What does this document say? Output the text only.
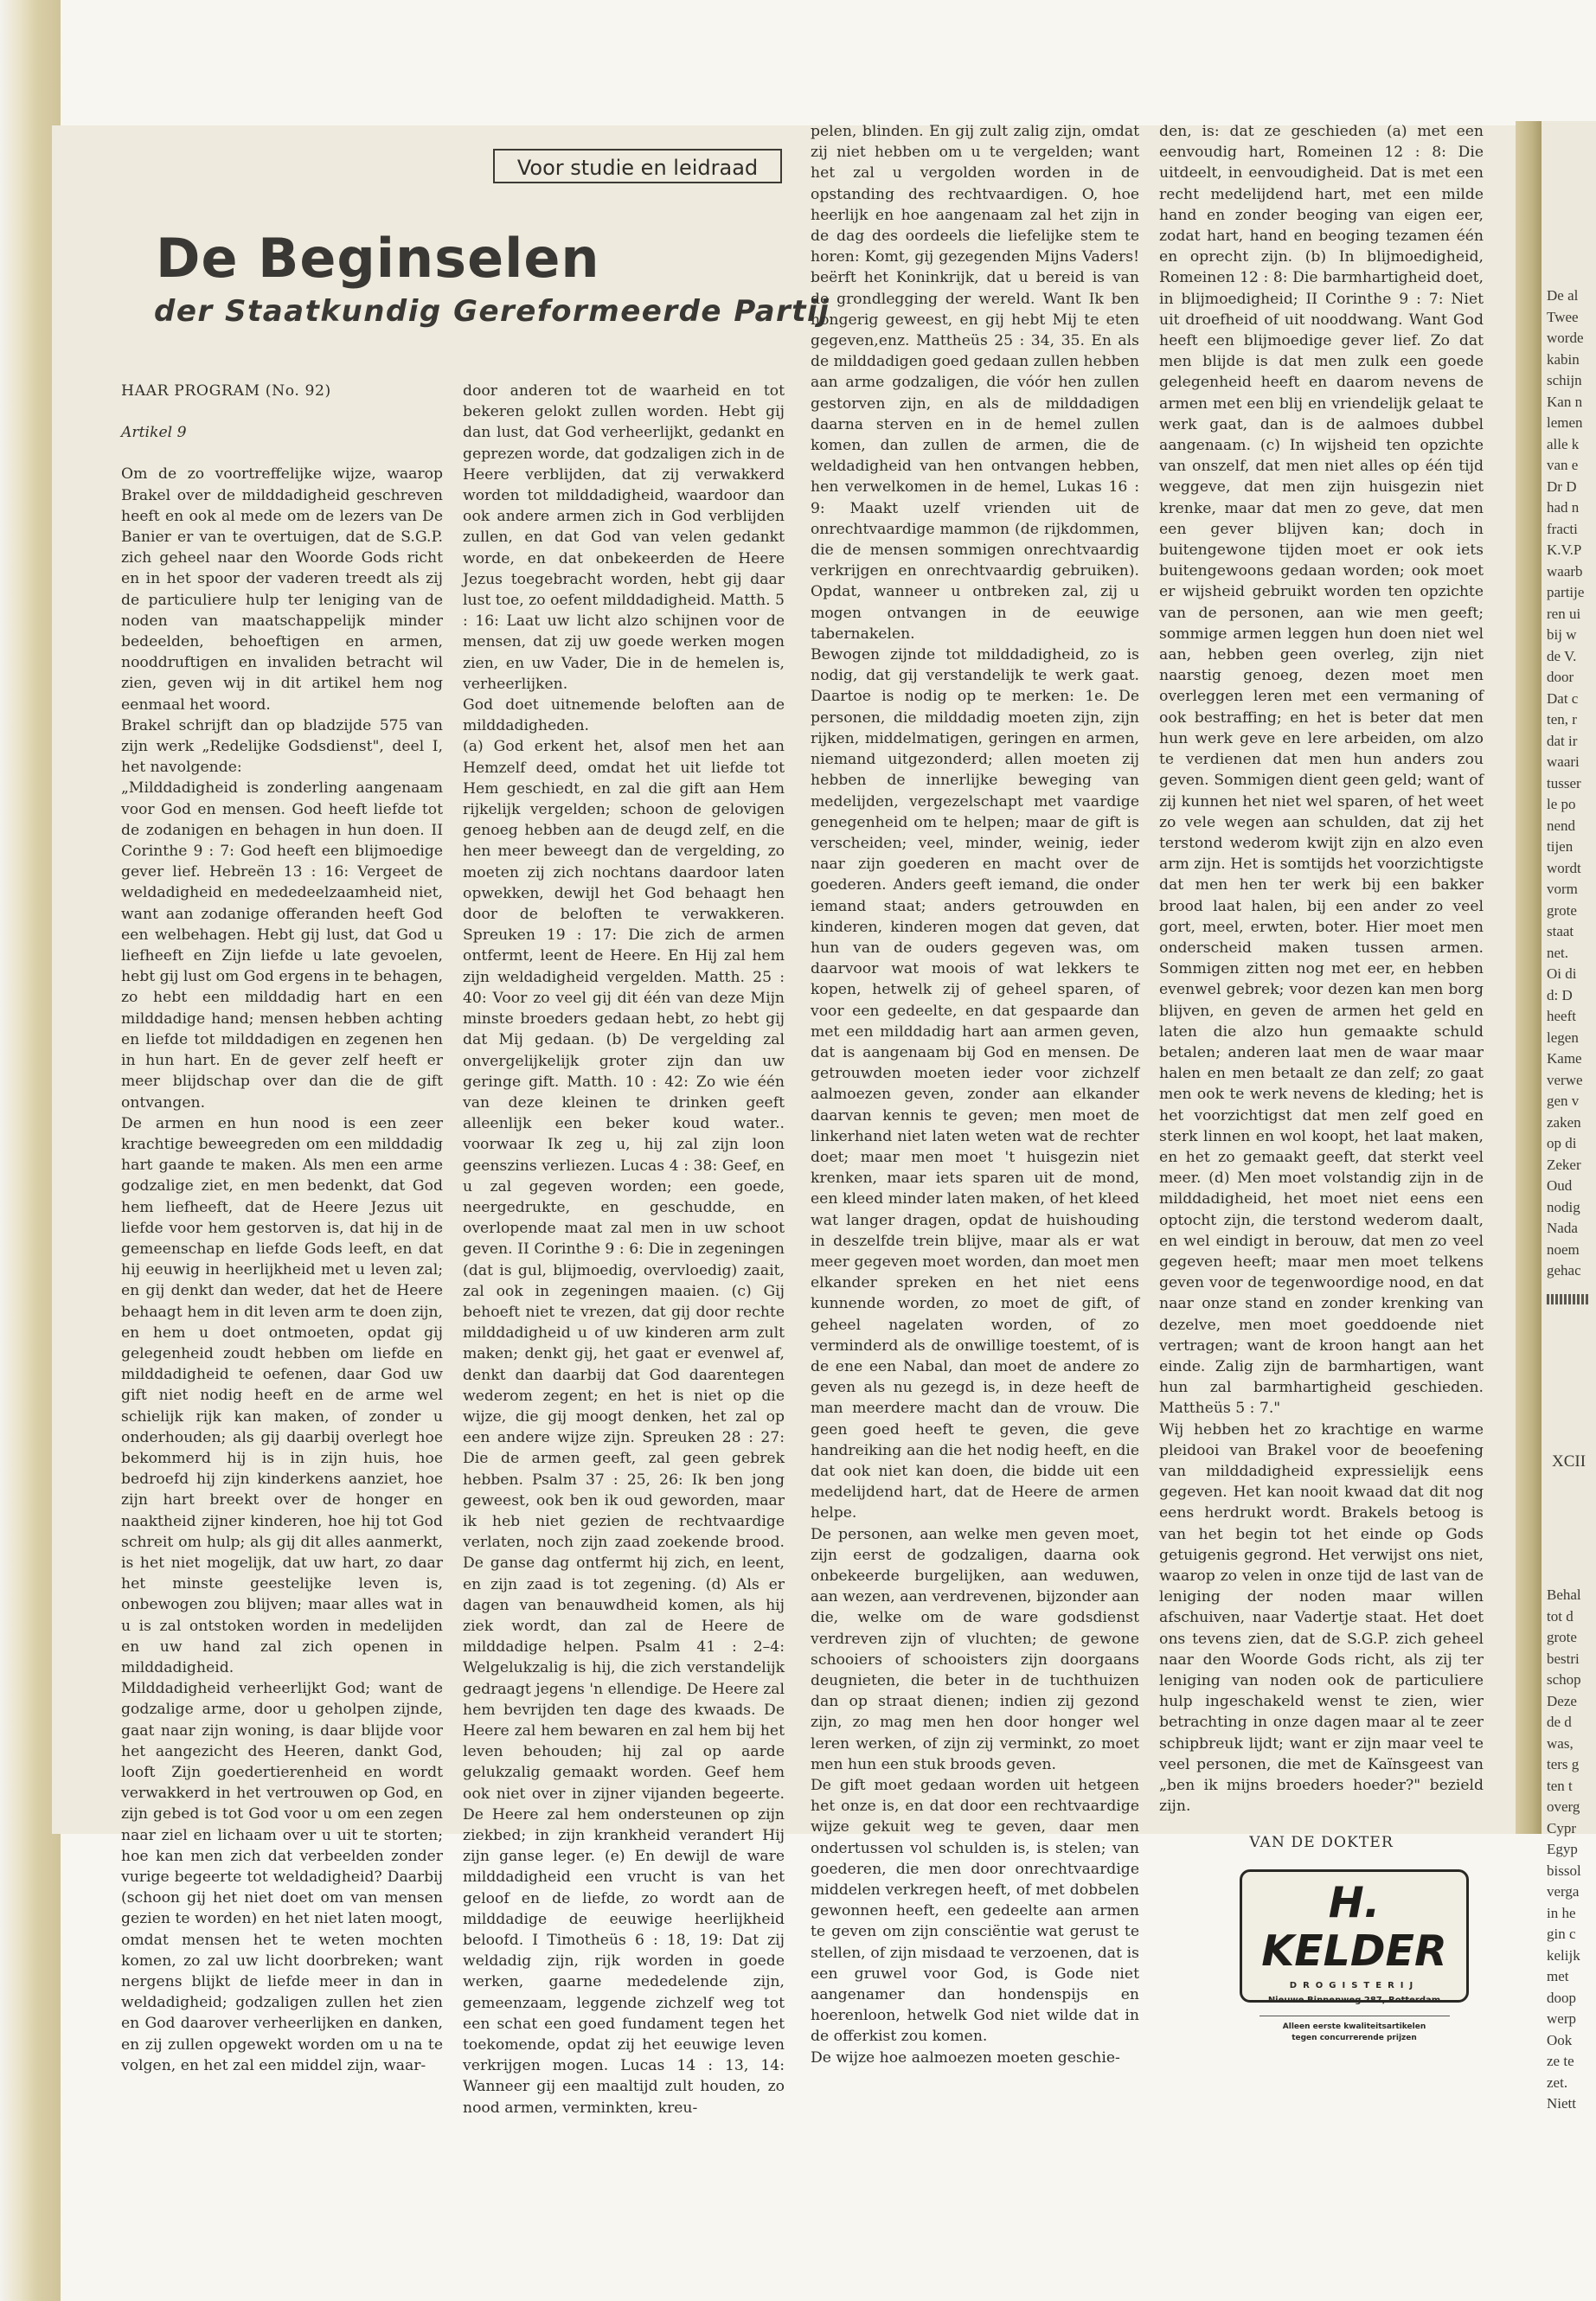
De al
Twee
worde
kabin
schijn
Kan n
lemen
alle k
van e
Dr D
had n
fracti
K.V.P
waarb
partije
ren ui
bij w
de V.
door
Dat c
ten, r
dat ir
waari
tusser
le po
nend
tijen
wordt
vorm
grote
staat
net.
Oi di
d: D
heeft
legen
Kame
verwe
gen v
zaken
op di
Zeker
Oud
nodig
Nada
noem
gehac
XCII
Behal
tot d
grote
bestri
schop
Deze
de d
was,
ters g
ten t
overg
Cypr
Egyp
bissol
verga
in he
gin c
kelijk
met
doop
werp
Ook
ze te
zet.
Niett
Voor studie en leidraad
De Beginselen
der Staatkundig Gereformeerde Partij

HAAR PROGRAM (No. 92)

Artikel 9

Om de zo voortreffelijke wijze, waarop Brakel over de milddadigheid geschreven heeft en ook al mede om de lezers van De Banier er van te overtuigen, dat de S.G.P. zich geheel naar den Woorde Gods richt en in het spoor der vaderen treedt als zij de particuliere hulp ter leniging van de noden van maatschappelijk minder bedeelden, behoeftigen en armen, nooddruftigen en invaliden betracht wil zien, geven wij in dit artikel hem nog eenmaal het woord.

Brakel schrijft dan op bladzijde 575 van zijn werk „Redelijke Godsdienst", deel I, het navolgende:

„Milddadigheid is zonderling aangenaam voor God en mensen. God heeft liefde tot de zodanigen en behagen in hun doen. II Corinthe 9 : 7: God heeft een blijmoedige gever lief. Hebreën 13 : 16: Vergeet de weldadigheid en mededeelzaamheid niet, want aan zodanige offeranden heeft God een welbehagen. Hebt gij lust, dat God u liefheeft en Zijn liefde u late gevoelen, hebt gij lust om God ergens in te behagen, zo hebt een milddadig hart en een milddadige hand; mensen hebben achting en liefde tot milddadigen en zegenen hen in hun hart. En de gever zelf heeft er meer blijdschap over dan die de gift ontvangen.

De armen en hun nood is een zeer krachtige beweegreden om een milddadig hart gaande te maken. Als men een arme godzalige ziet, en men bedenkt, dat God hem liefheeft, dat de Heere Jezus uit liefde voor hem gestorven is, dat hij in de gemeenschap en liefde Gods leeft, en dat hij eeuwig in heerlijkheid met u leven zal; en gij denkt dan weder, dat het de Heere behaagt hem in dit leven arm te doen zijn, en hem u doet ontmoeten, opdat gij gelegenheid zoudt hebben om liefde en milddadigheid te oefenen, daar God uw gift niet nodig heeft en de arme wel schielijk rijk kan maken, of zonder u onderhouden; als gij daarbij overlegt hoe bekommerd hij is in zijn huis, hoe bedroefd hij zijn kinderkens aanziet, hoe zijn hart breekt over de honger en naaktheid zijner kinderen, hoe hij tot God schreit om hulp; als gij dit alles aanmerkt, is het niet mogelijk, dat uw hart, zo daar het minste geestelijke leven is, onbewogen zou blijven; maar alles wat in u is zal ontstoken worden in medelijden en uw hand zal zich openen in milddadigheid.

Milddadigheid verheerlijkt God; want de godzalige arme, door u geholpen zijnde, gaat naar zijn woning, is daar blijde voor het aangezicht des Heeren, dankt God, looft Zijn goedertierenheid en wordt verwakkerd in het vertrouwen op God, en zijn gebed is tot God voor u om een zegen naar ziel en lichaam over u uit te storten; hoe kan men zich dat verbeelden zonder vurige begeerte tot weldadigheid? Daarbij (schoon gij het niet doet om van mensen gezien te worden) en het niet laten moogt, omdat mensen het te weten mochten komen, zo zal uw licht doorbreken; want nergens blijkt de liefde meer in dan in weldadigheid; godzaligen zullen het zien en God daarover verheerlijken en danken, en zij zullen opgewekt worden om u na te volgen, en het zal een middel zijn, waar-

door anderen tot de waarheid en tot bekeren gelokt zullen worden. Hebt gij dan lust, dat God verheerlijkt, gedankt en geprezen worde, dat godzaligen zich in de Heere verblijden, dat zij verwakkerd worden tot milddadigheid, waardoor dan ook andere armen zich in God verblijden zullen, en dat God van velen gedankt worde, en dat onbekeerden de Heere Jezus toegebracht worden, hebt gij daar lust toe, zo oefent milddadigheid. Matth. 5 : 16: Laat uw licht alzo schijnen voor de mensen, dat zij uw goede werken mogen zien, en uw Vader, Die in de hemelen is, verheerlijken.

God doet uitnemende beloften aan de milddadigheden.

(a) God erkent het, alsof men het aan Hemzelf deed, omdat het uit liefde tot Hem geschiedt, en zal die gift aan Hem rijkelijk vergelden; schoon de gelovigen genoeg hebben aan de deugd zelf, en die hen meer beweegt dan de vergelding, zo moeten zij zich nochtans daardoor laten opwekken, dewijl het God behaagt hen door de beloften te verwakkeren. Spreuken 19 : 17: Die zich de armen ontfermt, leent de Heere. En Hij zal hem zijn weldadigheid vergelden. Matth. 25 : 40: Voor zo veel gij dit één van deze Mijn minste broeders gedaan hebt, zo hebt gij dat Mij gedaan. (b) De vergelding zal onvergelijkelijk groter zijn dan uw geringe gift. Matth. 10 : 42: Zo wie één van deze kleinen te drinken geeft alleenlijk een beker koud water.. voorwaar Ik zeg u, hij zal zijn loon geenszins verliezen. Lucas 4 : 38: Geef, en u zal gegeven worden; een goede, neergedrukte, en geschudde, en overlopende maat zal men in uw schoot geven. II Corinthe 9 : 6: Die in zegeningen (dat is gul, blijmoedig, overvloedig) zaait, zal ook in zegeningen maaien. (c) Gij behoeft niet te vrezen, dat gij door rechte milddadigheid u of uw kinderen arm zult maken; denkt gij, het gaat er evenwel af, denkt dan daarbij dat God daarentegen wederom zegent; en het is niet op die wijze, die gij moogt denken, het zal op een andere wijze zijn. Spreuken 28 : 27: Die de armen geeft, zal geen gebrek hebben. Psalm 37 : 25, 26: Ik ben jong geweest, ook ben ik oud geworden, maar ik heb niet gezien de rechtvaardige verlaten, noch zijn zaad zoekende brood. De ganse dag ontfermt hij zich, en leent, en zijn zaad is tot zegening. (d) Als er dagen van benauwdheid komen, als hij ziek wordt, dan zal de Heere de milddadige helpen. Psalm 41 : 2–4: Welgelukzalig is hij, die zich verstandelijk gedraagt jegens 'n ellendige. De Heere zal hem bevrijden ten dage des kwaads. De Heere zal hem bewaren en zal hem bij het leven behouden; hij zal op aarde gelukzalig gemaakt worden. Geef hem ook niet over in zijner vijanden begeerte. De Heere zal hem ondersteunen op zijn ziekbed; in zijn krankheid verandert Hij zijn ganse leger. (e) En dewijl de ware milddadigheid een vrucht is van het geloof en de liefde, zo wordt aan de milddadige de eeuwige heerlijkheid beloofd. I Timotheüs 6 : 18, 19: Dat zij weldadig zijn, rijk worden in goede werken, gaarne mededelende zijn, gemeenzaam, leggende zichzelf weg tot een schat een goed fundament tegen het toekomende, opdat zij het eeuwige leven verkrijgen mogen. Lucas 14 : 13, 14: Wanneer gij een maaltijd zult houden, zo nood armen, verminkten, kreu-

pelen, blinden. En gij zult zalig zijn, omdat zij niet hebben om u te vergelden; want het zal u vergolden worden in de opstanding des rechtvaardigen. O, hoe heerlijk en hoe aangenaam zal het zijn in de dag des oordeels die liefelijke stem te horen: Komt, gij gezegenden Mijns Vaders! beërft het Koninkrijk, dat u bereid is van de grondlegging der wereld. Want Ik ben hongerig geweest, en gij hebt Mij te eten gegeven,enz. Mattheüs 25 : 34, 35. En als de milddadigen goed gedaan zullen hebben aan arme godzaligen, die vóór hen zullen gestorven zijn, en als de milddadigen daarna sterven en in de hemel zullen komen, dan zullen de armen, die de weldadigheid van hen ontvangen hebben, hen verwelkomen in de hemel, Lukas 16 : 9: Maakt uzelf vrienden uit de onrechtvaardige mammon (de rijkdommen, die de mensen sommigen onrechtvaardig verkrijgen en onrechtvaardig gebruiken). Opdat, wanneer u ontbreken zal, zij u mogen ontvangen in de eeuwige tabernakelen.

Bewogen zijnde tot milddadigheid, zo is nodig, dat gij verstandelijk te werk gaat. Daartoe is nodig op te merken: 1e. De personen, die milddadig moeten zijn, zijn rijken, middelmatigen, geringen en armen, niemand uitgezonderd; allen moeten zij hebben de innerlijke beweging van medelijden, vergezelschapt met vaardige genegenheid om te helpen; maar de gift is verscheiden; veel, minder, weinig, ieder naar zijn goederen en macht over de goederen. Anders geeft iemand, die onder iemand staat; anders getrouwden en kinderen, kinderen mogen dat geven, dat hun van de ouders gegeven was, om daarvoor wat moois of wat lekkers te kopen, hetwelk zij of geheel sparen, of voor een gedeelte, en dat gespaarde dan met een milddadig hart aan armen geven, dat is aangenaam bij God en mensen. De getrouwden moeten ieder voor zichzelf aalmoezen geven, zonder aan elkander daarvan kennis te geven; men moet de linkerhand niet laten weten wat de rechter doet; maar men moet 't huisgezin niet krenken, maar iets sparen uit de mond, een kleed minder laten maken, of het kleed wat langer dragen, opdat de huishouding in deszelfde trein blijve, maar als er wat meer gegeven moet worden, dan moet men elkander spreken en het niet eens kunnende worden, zo moet de gift, of geheel nagelaten worden, of zo verminderd als de onwillige toestemt, of is de ene een Nabal, dan moet de andere zo geven als nu gezegd is, in deze heeft de man meerdere macht dan de vrouw. Die geen goed heeft te geven, die geve handreiking aan die het nodig heeft, en die dat ook niet kan doen, die bidde uit een medelijdend hart, dat de Heere de armen helpe.

De personen, aan welke men geven moet, zijn eerst de godzaligen, daarna ook onbekeerde burgelijken, aan weduwen, aan wezen, aan verdrevenen, bijzonder aan die, welke om de ware godsdienst verdreven zijn of vluchten; de gewone schooiers of schooisters zijn doorgaans deugnieten, die beter in de tuchthuizen dan op straat dienen; indien zij gezond zijn, zo mag men hen door honger wel leren werken, of zijn zij verminkt, zo moet men hun een stuk broods geven.

De gift moet gedaan worden uit hetgeen het onze is, en dat door een rechtvaardige wijze gekuit weg te geven, daar men ondertussen vol schulden is, is stelen; van goederen, die men door onrechtvaardige middelen verkregen heeft, of met dobbelen gewonnen heeft, een gedeelte aan armen te geven om zijn consciëntie wat gerust te stellen, of zijn misdaad te verzoenen, dat is een gruwel voor God, is Gode niet aangenamer dan hondenspijs en hoerenloon, hetwelk God niet wilde dat in de offerkist zou komen.

De wijze hoe aalmoezen moeten geschie-

den, is: dat ze geschieden (a) met een eenvoudig hart, Romeinen 12 : 8: Die uitdeelt, in eenvoudigheid. Dat is met een recht medelijdend hart, met een milde hand en zonder beoging van eigen eer, zodat hart, hand en beoging tezamen één en oprecht zijn. (b) In blijmoedigheid, Romeinen 12 : 8: Die barmhartigheid doet, in blijmoedigheid; II Corinthe 9 : 7: Niet uit droefheid of uit nooddwang. Want God heeft een blijmoedige gever lief. Zo dat men blijde is dat men zulk een goede gelegenheid heeft en daarom nevens de armen met een blij en vriendelijk gelaat te werk gaat, dan is de aalmoes dubbel aangenaam. (c) In wijsheid ten opzichte van onszelf, dat men niet alles op één tijd weggeve, dat men zijn huisgezin niet krenke, maar dat men zo geve, dat men een gever blijven kan; doch in buitengewone tijden moet er ook iets buitengewoons gedaan worden; ook moet er wijsheid gebruikt worden ten opzichte van de personen, aan wie men geeft; sommige armen leggen hun doen niet wel aan, hebben geen overleg, zijn niet naarstig genoeg, dezen moet men overleggen leren met een vermaning of ook bestraffing; en het is beter dat men hun werk geve en lere arbeiden, om alzo te verdienen dat men hun anders zou geven. Sommigen dient geen geld; want of zij kunnen het niet wel sparen, of het weet zo vele wegen aan schulden, dat zij het terstond wederom kwijt zijn en alzo even arm zijn. Het is somtijds het voorzichtigste dat men hen ter werk bij een bakker brood laat halen, bij een ander zo veel gort, meel, erwten, boter. Hier moet men onderscheid maken tussen armen. Sommigen zitten nog met eer, en hebben evenwel gebrek; voor dezen kan men borg blijven, en geven de armen het geld en laten die alzo hun gemaakte schuld betalen; anderen laat men de waar maar halen en men betaalt ze dan zelf; zo gaat men ook te werk nevens de kleding; het is het voorzichtigst dat men zelf goed en sterk linnen en wol koopt, het laat maken, en het zo gemaakt geeft, dat sterkt veel meer. (d) Men moet volstandig zijn in de milddadigheid, het moet niet eens een optocht zijn, die terstond wederom daalt, en wel eindigt in berouw, dat men zo veel gegeven heeft; maar men moet telkens geven voor de tegenwoordige nood, en dat naar onze stand en zonder krenking van dezelve, men moet goeddoende niet vertragen; want de kroon hangt aan het einde. Zalig zijn de barmhartigen, want hun zal barmhartigheid geschieden. Mattheüs 5 : 7."

Wij hebben het zo krachtige en warme pleidooi van Brakel voor de beoefening van milddadigheid expressielijk eens gegeven. Het kan nooit kwaad dat dit nog eens herdrukt wordt. Brakels betoog is van het begin tot het einde op Gods getuigenis gegrond. Het verwijst ons niet, waarop zo velen in onze tijd de last van de leniging der noden maar willen afschuiven, naar Vadertje staat. Het doet ons tevens zien, dat de S.G.P. zich geheel naar den Woorde Gods richt, als zij ter leniging van noden ook de particuliere hulp ingeschakeld wenst te zien, wier betrachting in onze dagen maar al te zeer schipbreuk lijdt; want er zijn maar veel te veel personen, die met de Kaïnsgeest van „ben ik mijns broeders hoeder?" bezield zijn.

VAN DE DOKTER

H. KELDER
DROGISTERIJ
Nieuwe Binnenweg 287, Rotterdam
Alleen eerste kwaliteitsartikelen
tegen concurrerende prijzen
